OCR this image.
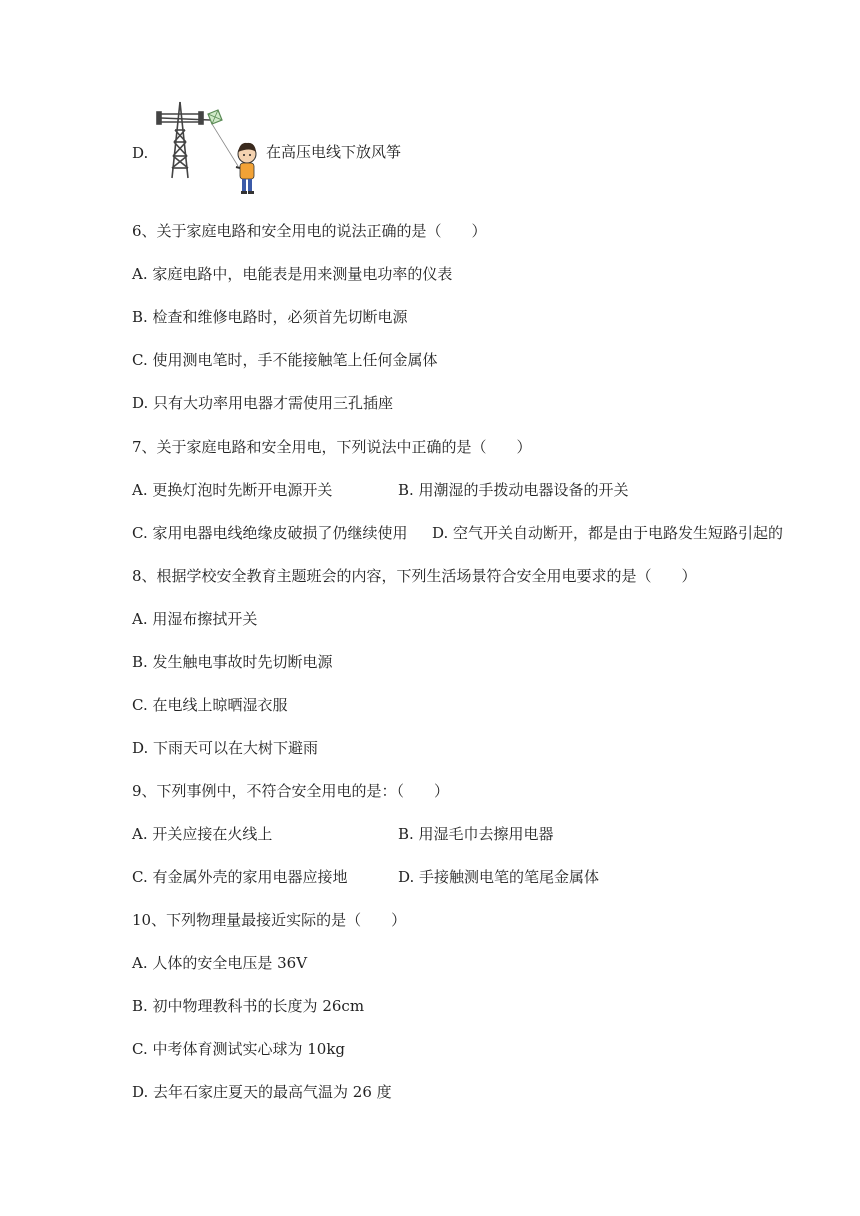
D.	在高压电线下放风筝
6、关于家庭电路和安全用电的说法正确的是（　　）
A. 家庭电路中，电能表是用来测量电功率的仪表
B. 检查和维修电路时，必须首先切断电源
C. 使用测电笔时，手不能接触笔上任何金属体
D. 只有大功率用电器才需使用三孔插座
7、关于家庭电路和安全用电，下列说法中正确的是（　　）
A. 更换灯泡时先断开电源开关	B. 用潮湿的手拨动电器设备的开关
C. 家用电器电线绝缘皮破损了仍继续使用 D. 空气开关自动断开，都是由于电路发生短路引起的
8、根据学校安全教育主题班会的内容，下列生活场景符合安全用电要求的是（　　）
A. 用湿布擦拭开关
B. 发生触电事故时先切断电源
C. 在电线上晾晒湿衣服
D. 下雨天可以在大树下避雨
9、下列事例中，不符合安全用电的是：（　　）
A. 开关应接在火线上	B. 用湿毛巾去擦用电器
C. 有金属外壳的家用电器应接地	D. 手接触测电笔的笔尾金属体
10、下列物理量最接近实际的是（　　）
A. 人体的安全电压是 36V
B. 初中物理教科书的长度为 26cm
C. 中考体育测试实心球为 10kg
D. 去年石家庄夏天的最高气温为 26 度
